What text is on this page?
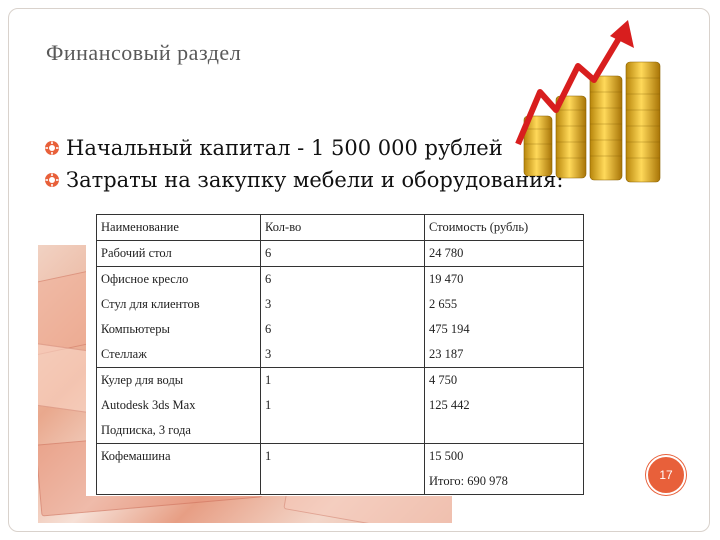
Финансовый раздел
Начальный капитал - 1 500 000 рублей
Затраты на закупку мебели и оборудования:
Наименование	Кол-во	Стоимость (рубль)
Рабочий стол	6	24 780
Офисное кресло	6	19 470
Стул для клиентов	3	2 655
Компьютеры	6	475 194
Стеллаж	3	23 187
Кулер для воды	1	4 750
Autodesk 3ds Max	1	125 442
Подписка, 3 года		
Кофемашина	1	15 500
		Итого: 690 978	17
